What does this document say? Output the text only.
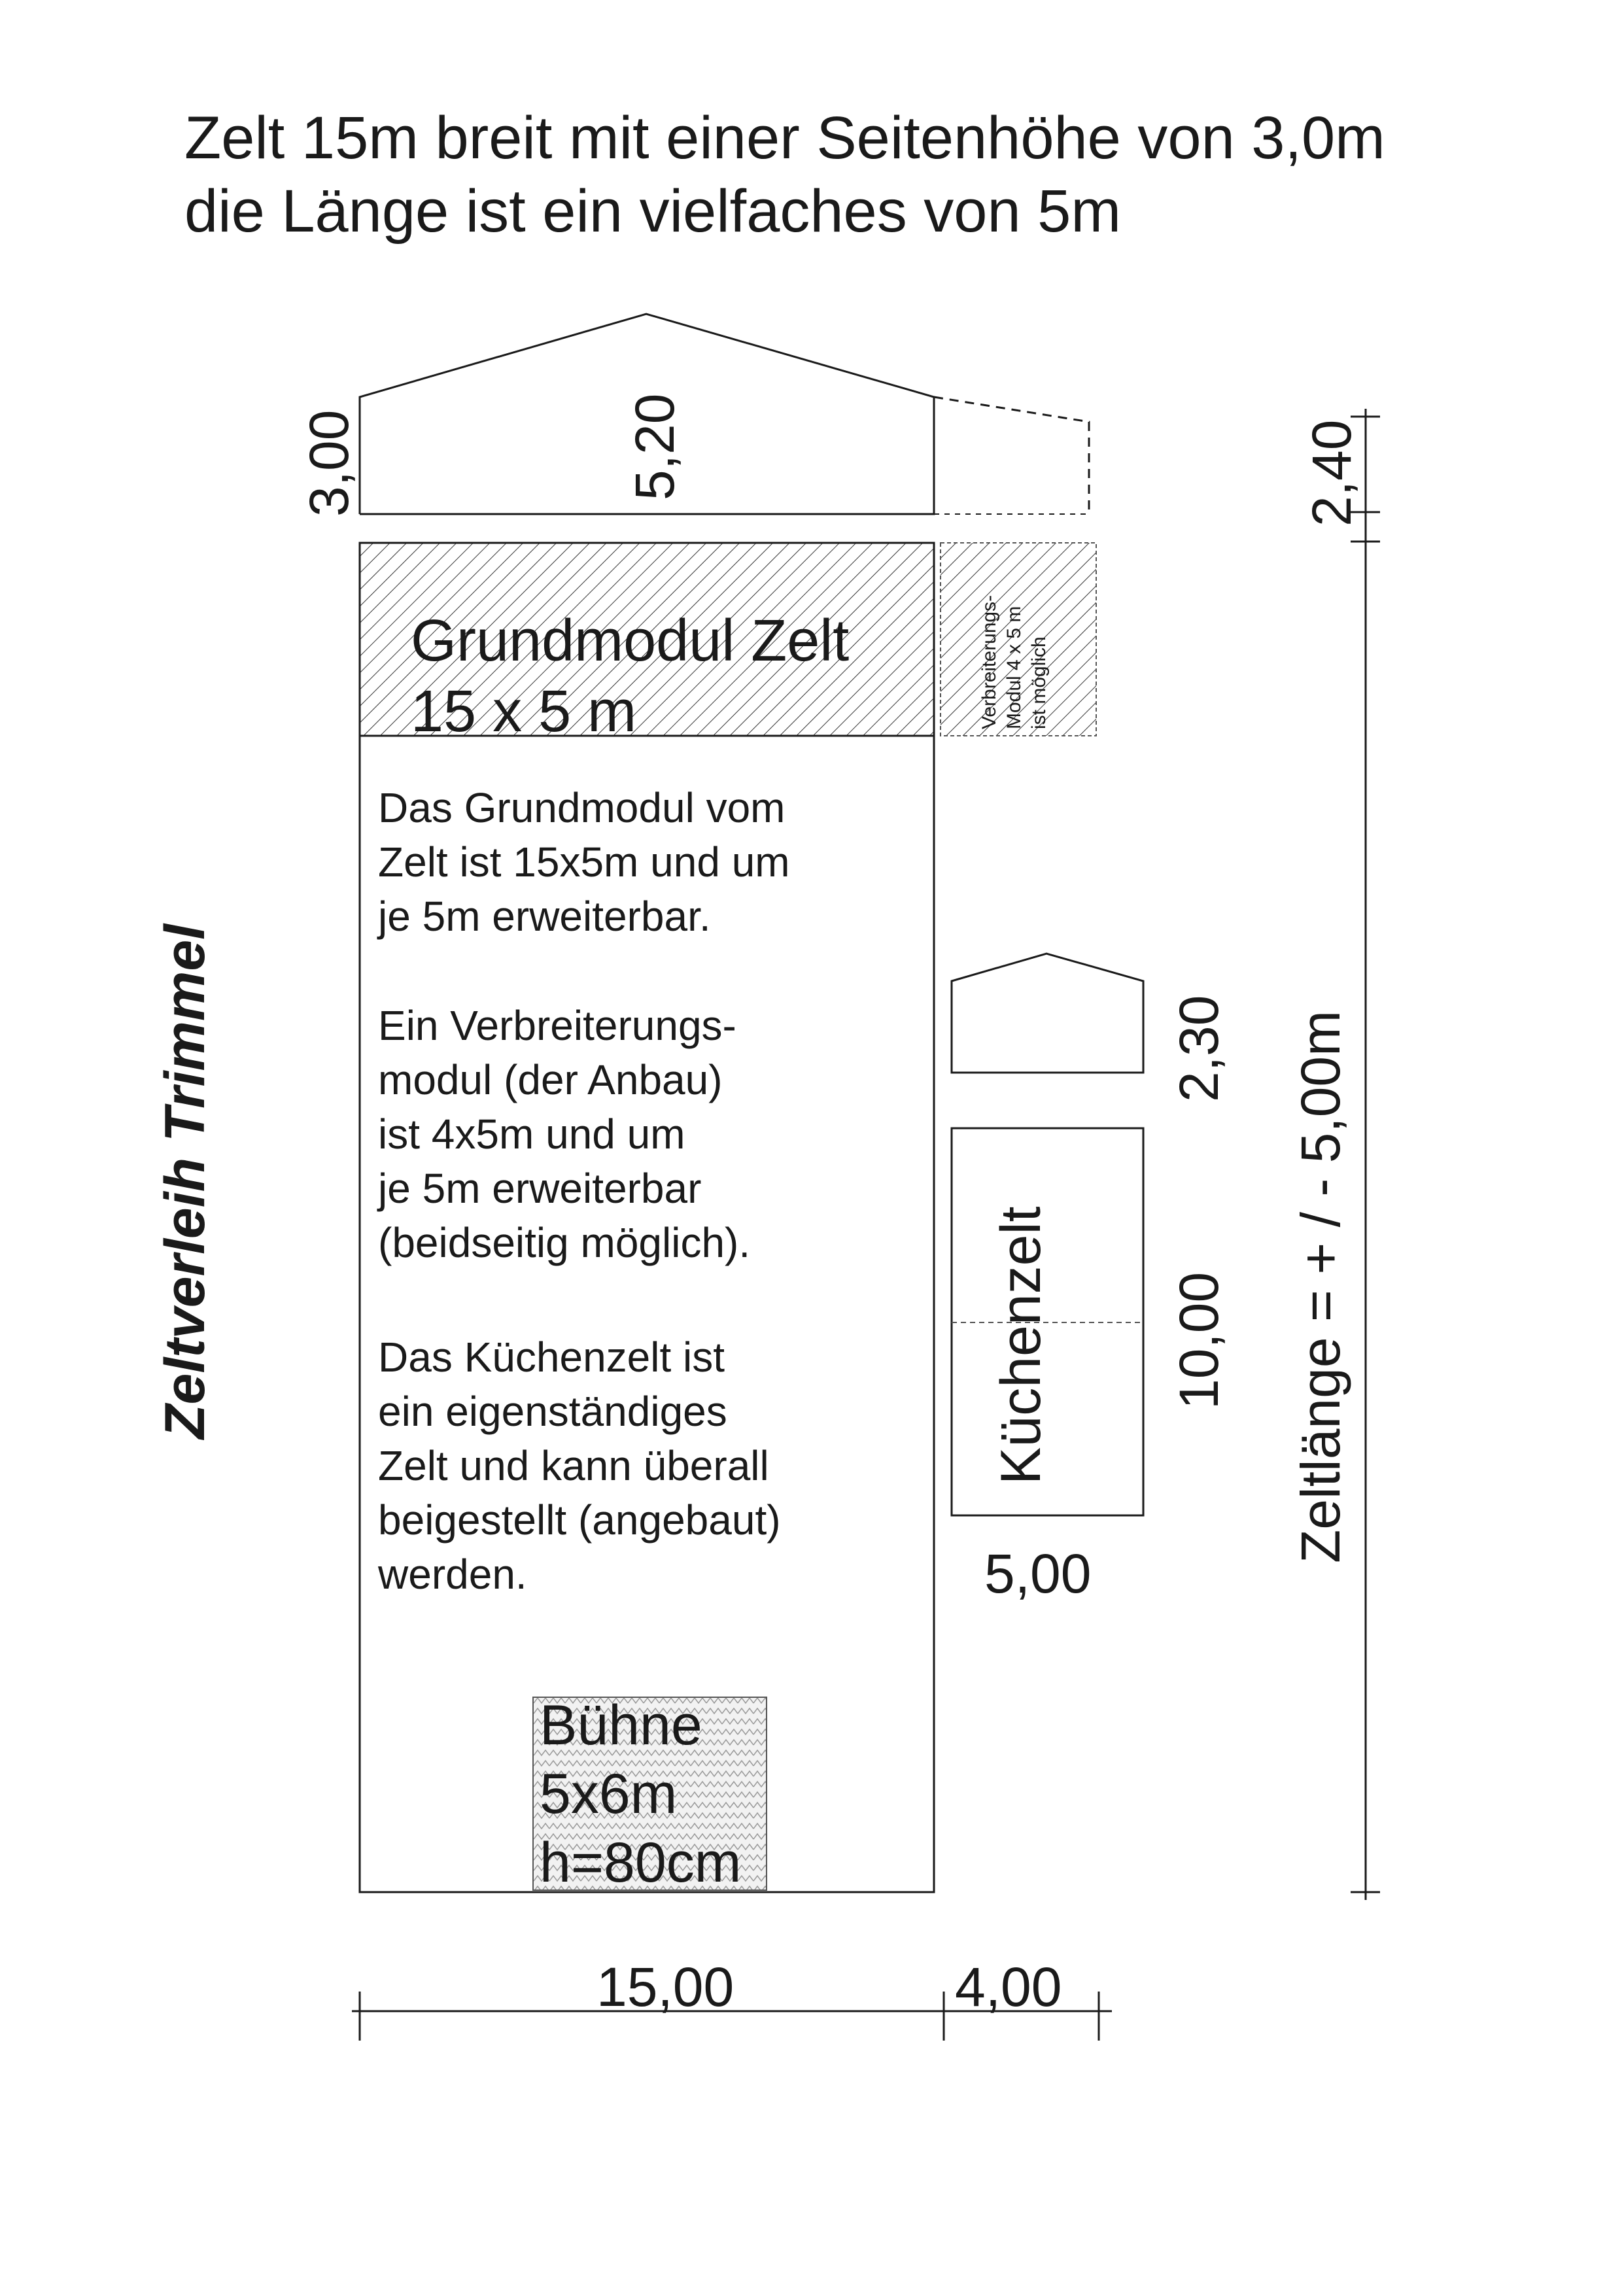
Zelt 15m breit mit einer Seitenhöhe von 3,0m
die Länge ist ein vielfaches von 5m
Zeltverleih Trimmel
3,00	5,20	2,40
Zeltlänge = + / - 5,00m
Grundmodul Zelt
15 x 5 m	Verbreiterungs- Modul 4 x 5 m ist möglich
Das Grundmodul vom
Zelt ist 15x5m und um
je 5m erweiterbar.
Ein Verbreiterungs-
modul (der Anbau)
ist 4x5m und um
je 5m erweiterbar
(beidseitig möglich).
Das Küchenzelt ist
ein eigenständiges
Zelt und kann überall
beigestellt (angebaut)
werden.
Bühne
5x6m
h=80cm
2,30
Küchenzelt 10,00
5,00
15,00	4,00
